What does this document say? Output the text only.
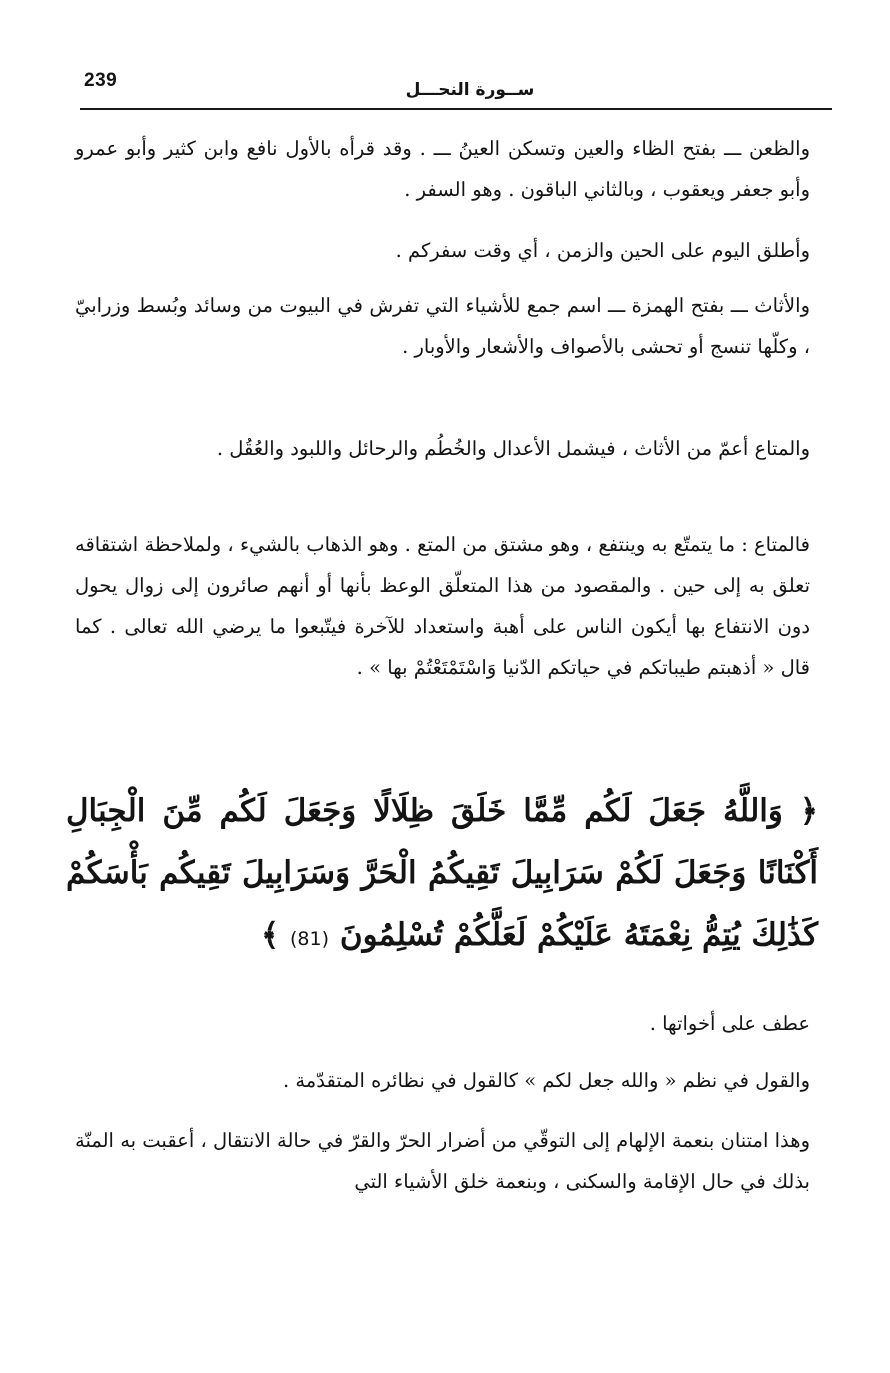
239	ســورة النحـــل

والظعن ـــ بفتح الظاء والعين وتسكن العينُ ـــ . وقد قرأه بالأول نافع وابن كثير وأبو عمرو وأبو جعفر ويعقوب ، وبالثاني الباقون . وهو السفر .

وأطلق اليوم على الحين والزمن ، أي وقت سفركم .

والأثاث ـــ بفتح الهمزة ـــ اسم جمع للأشياء التي تفرش في البيوت من وسائد وبُسط وزرابيّ ، وكلّها تنسج أو تحشى بالأصواف والأشعار والأوبار .

والمتاع أعمّ من الأثاث ، فيشمل الأعدال والخُطُم والرحائل واللبود والعُقُل .

فالمتاع : ما يتمتّع به وينتفع ، وهو مشتق من المتع . وهو الذهاب بالشيء ، ولملاحظة اشتقاقه تعلق به إلى حين . والمقصود من هذا المتعلّق الوعظ بأنها أو أنهم صائرون إلى زوال يحول دون الانتفاع بها أيكون الناس على أهبة واستعداد للآخرة فيتّبعوا ما يرضي الله تعالى . كما قال « أذهبتم طيباتكم في حياتكم الدّنيا وَاسْتَمْتَعْتُمْ بها » .

﴿ وَاللَّهُ جَعَلَ لَكُم مِّمَّا خَلَقَ ظِلَالًا وَجَعَلَ لَكُم مِّنَ الْجِبَالِ أَكْنَانًا وَجَعَلَ لَكُمْ سَرَابِيلَ تَقِيكُمُ الْحَرَّ وَسَرَابِيلَ تَقِيكُم بَأْسَكُمْ كَذَٰلِكَ يُتِمُّ نِعْمَتَهُ عَلَيْكُمْ لَعَلَّكُمْ تُسْلِمُونَ (81) ﴾

عطف على أخواتها .

والقول في نظم « والله جعل لكم » كالقول في نظائره المتقدّمة .

وهذا امتنان بنعمة الإلهام إلى التوقّي من أضرار الحرّ والقرّ في حالة الانتقال ، أعقبت به المنّة بذلك في حال الإقامة والسكنى ، وبنعمة خلق الأشياء التي
